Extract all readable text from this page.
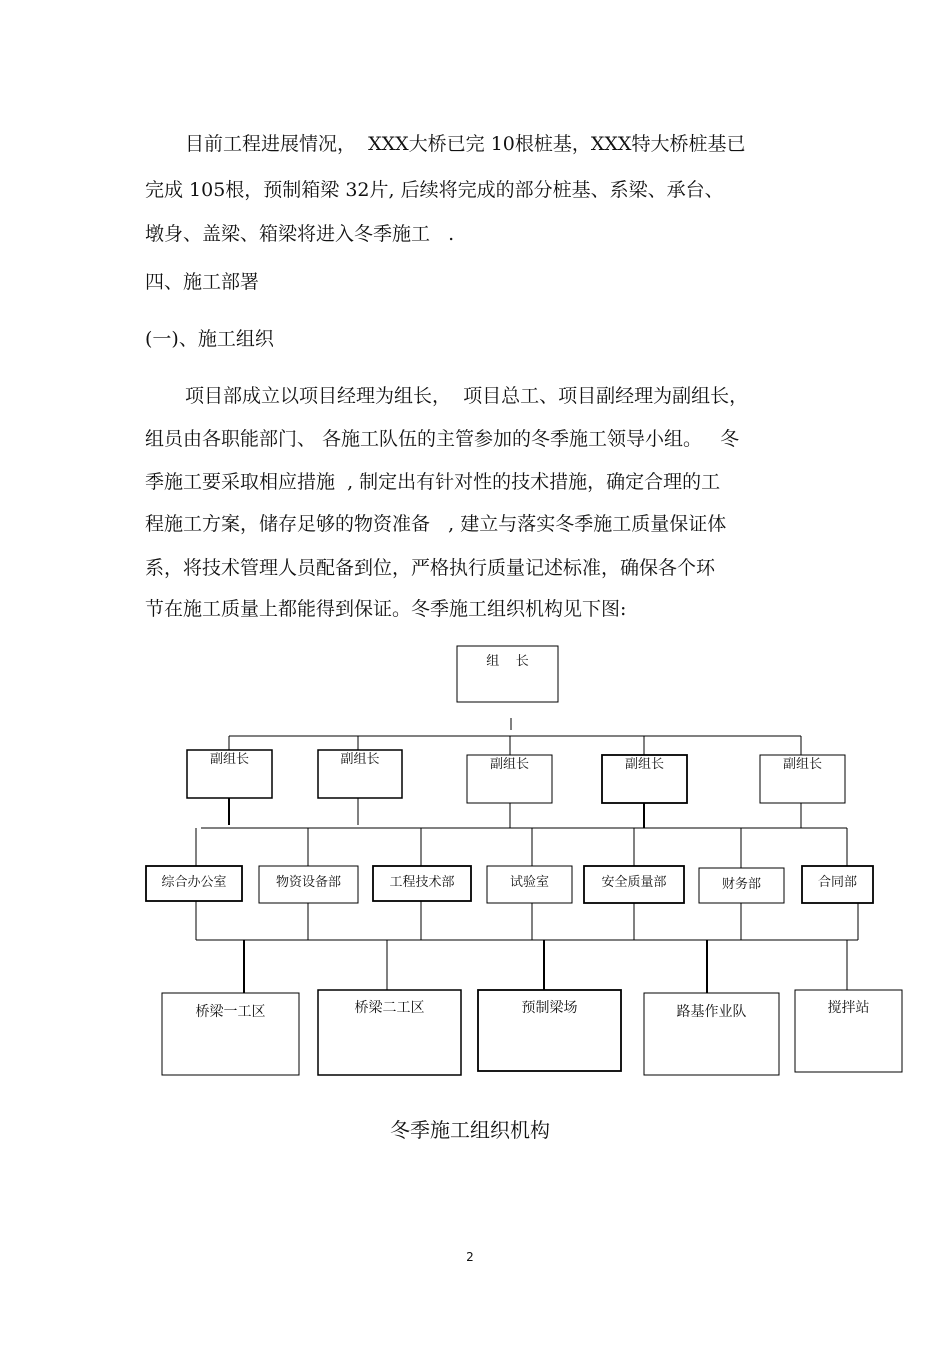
目前工程进展情况，  XXX大桥已完 10根桩基，XXX特大桥桩基已
完成 105根，预制箱梁 32片, 后续将完成的部分桩基、系梁、承台、
墩身、盖梁、箱梁将进入冬季施工   .
四、施工部署
(一)、施工组织
项目部成立以项目经理为组长，  项目总工、项目副经理为副组长，
组员由各职能部门、 各施工队伍的主管参加的冬季施工领导小组。   冬
季施工要采取相应措施  , 制定出有针对性的技术措施，确定合理的工
程施工方案，储存足够的物资准备   , 建立与落实冬季施工质量保证体
系，将技术管理人员配备到位，严格执行质量记述标准，确保各个环
节在施工质量上都能得到保证。冬季施工组织机构见下图:
组    长
副组长	副组长	副组长	副组长	副组长
综合办公室	物资设备部	工程技术部	试验室	安全质量部	财务部	合同部
桥梁一工区	桥梁二工区	预制梁场	路基作业队	搅拌站
冬季施工组织机构
2
